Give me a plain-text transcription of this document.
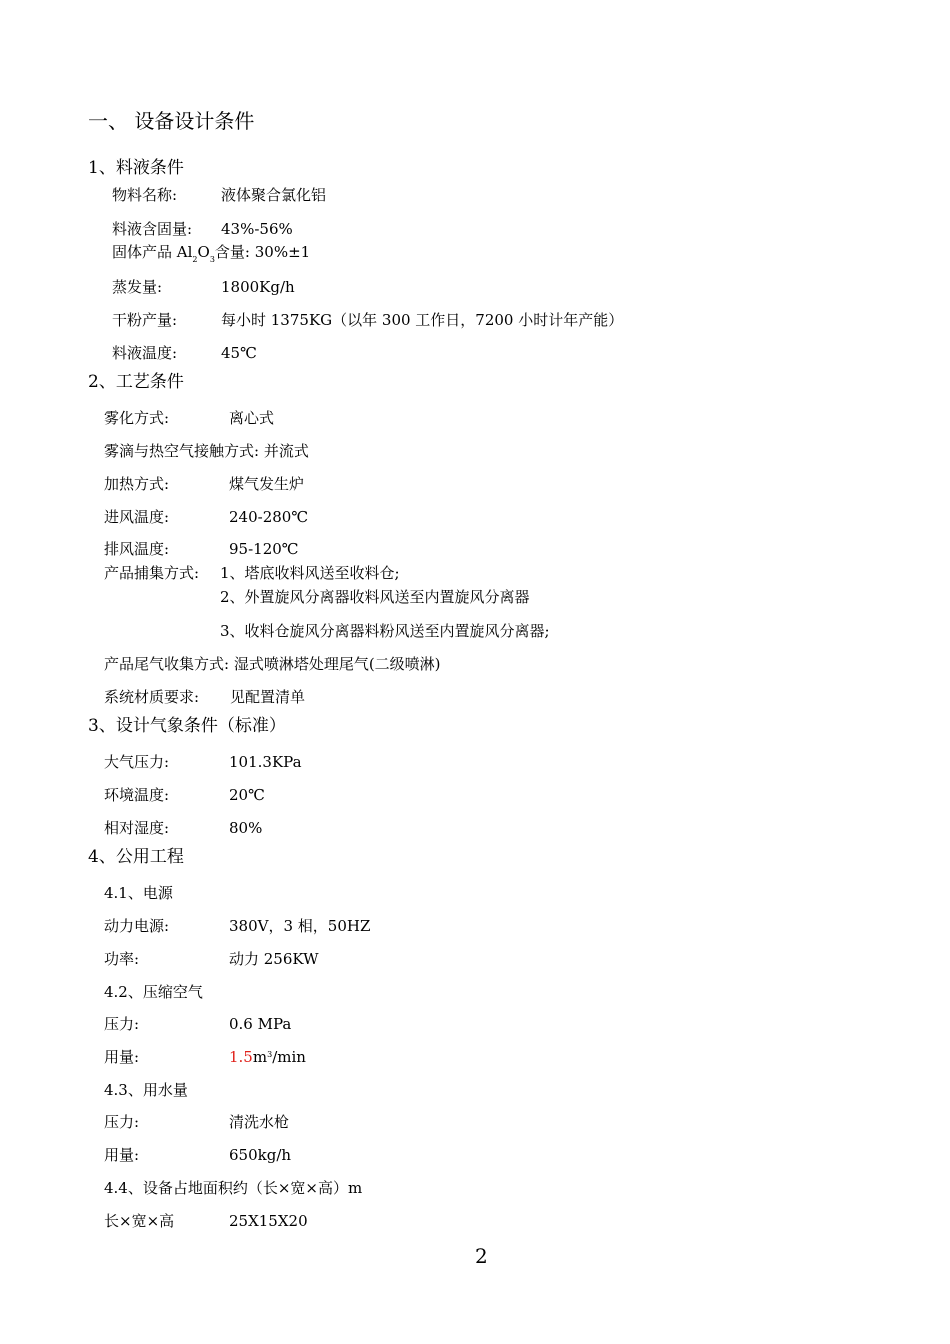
一、 设备设计条件
1、料液条件
物料名称:	液体聚合氯化铝
料液含固量: 43%-56%
固体产品 $Al_2O_3$含量: 30%±1
蒸发量:	1800Kg/h
干粉产量:	每小时 1375KG（以年 300 工作日，7200 小时计年产能）
料液温度:	45℃
2、工艺条件
雾化方式:	离心式
雾滴与热空气接触方式: 并流式
加热方式:	煤气发生炉
进风温度:	240-280℃
排风温度:	95-120℃
产品捕集方式: 1、塔底收料风送至收料仓;
2、外置旋风分离器收料风送至内置旋风分离器
3、收料仓旋风分离器料粉风送至内置旋风分离器;
产品尾气收集方式: 湿式喷淋塔处理尾气(二级喷淋)
系统材质要求: 见配置清单
3、设计气象条件（标准）
大气压力:	101.3KPa
环境温度:	20℃
相对湿度:	80%
4、公用工程
4.1、电源
动力电源:	380V，3 相，50HZ
功率:	动力 256KW
4.2、压缩空气
压力:	0.6 MPa
用量:	$1.5m^3/\min$
4.3、用水量
压力:	清洗水枪
用量:	650kg/h
4.4、设备占地面积约（长×宽×高）m
长×宽×高	25X15X20
2
